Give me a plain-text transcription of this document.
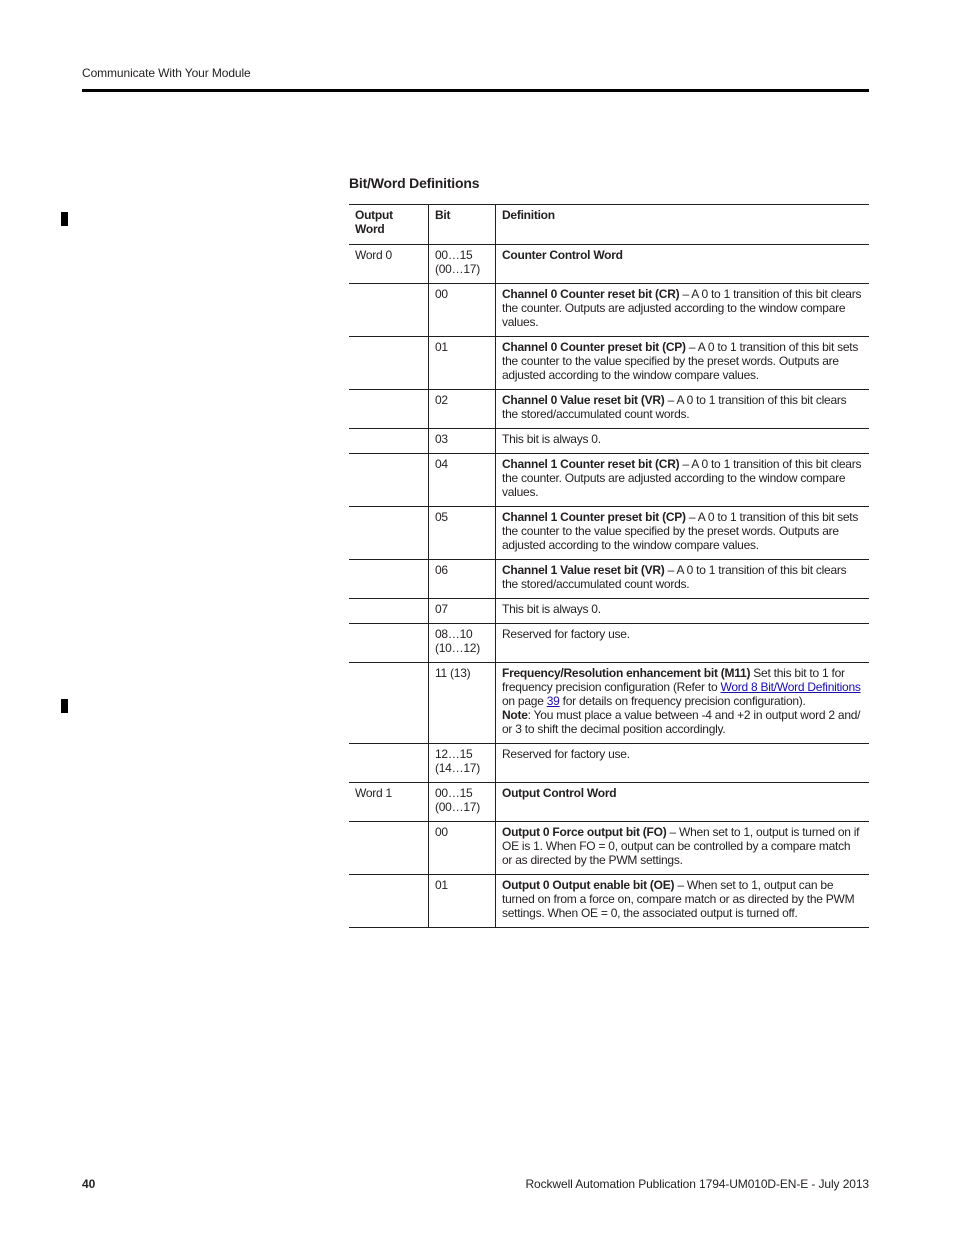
Communicate With Your Module
Bit/Word Definitions
Output Word	Bit	Definition
Word 0	00…15 (00…17)	Counter Control Word
	00	Channel 0 Counter reset bit (CR) – A 0 to 1 transition of this bit clears the counter. Outputs are adjusted according to the window compare values.
	01	Channel 0 Counter preset bit (CP) – A 0 to 1 transition of this bit sets the counter to the value specified by the preset words. Outputs are adjusted according to the window compare values.
	02	Channel 0 Value reset bit (VR) – A 0 to 1 transition of this bit clears the stored/accumulated count words.
	03	This bit is always 0.
	04	Channel 1 Counter reset bit (CR) – A 0 to 1 transition of this bit clears the counter. Outputs are adjusted according to the window compare values.
	05	Channel 1 Counter preset bit (CP) – A 0 to 1 transition of this bit sets the counter to the value specified by the preset words. Outputs are adjusted according to the window compare values.
	06	Channel 1 Value reset bit (VR) – A 0 to 1 transition of this bit clears the stored/accumulated count words.
	07	This bit is always 0.
	08…10 (10…12)	Reserved for factory use.
	11 (13)	Frequency/Resolution enhancement bit (M11) Set this bit to 1 for frequency precision configuration (Refer to Word 8 Bit/Word Definitions on page 39 for details on frequency precision configuration).
Note: You must place a value between -4 and +2 in output word 2 and/ or 3 to shift the decimal position accordingly.
	12…15 (14…17)	Reserved for factory use.
Word 1	00…15 (00…17)	Output Control Word
	00	Output 0 Force output bit (FO) – When set to 1, output is turned on if OE is 1. When FO = 0, output can be controlled by a compare match or as directed by the PWM settings.
	01	Output 0 Output enable bit (OE) – When set to 1, output can be turned on from a force on, compare match or as directed by the PWM settings. When OE = 0, the associated output is turned off.
40	Rockwell Automation Publication 1794-UM010D-EN-E - July 2013
